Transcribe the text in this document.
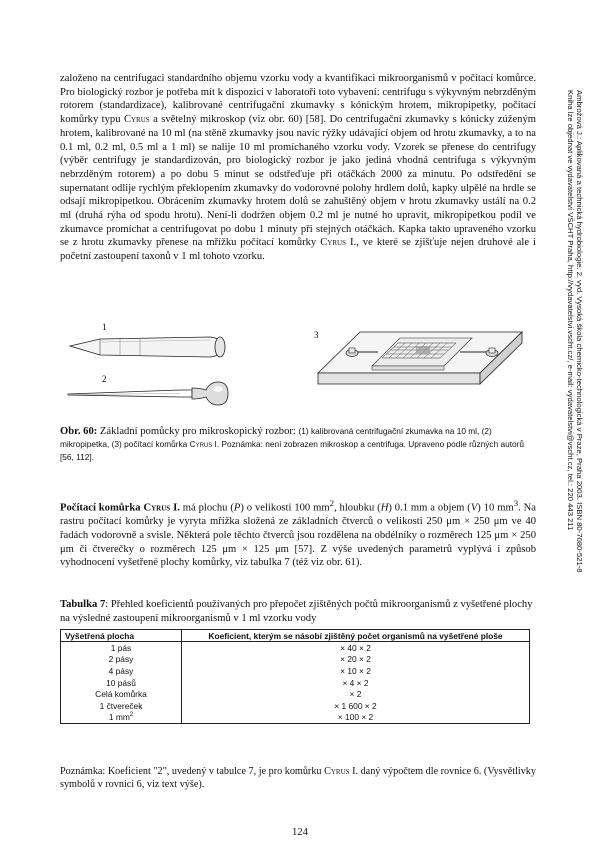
Ambrožová J.: Aplikovaná a technická hydrobiologie. 2. vyd. Vysoká škola chemicko-technologická v Praze, Praha 2003. ISBN 80-7080-521-8
Kniha lze objednat ve vydavatelství VŠCHT Praha, http://vydavatelstvi.vscht.cz/, e-mail: vydavatelstvi@vscht.cz, tel.: 220 443 211

založeno na centrifugaci standardního objemu vzorku vody a kvantifikaci mikroorganismů v počítací komůrce. Pro biologický rozbor je potřeba mít k dispozici v laboratoři toto vybavení: centrifugu s výkyvným nebrzděným rotorem (standardizace), kalibrované centrifugační zkumavky s kónickým hrotem, mikropipetky, počítací komůrky typu Cyrus a světelný mikroskop (viz obr. 60) [58]. Do centrifugační zkumavky s kónicky zúženým hrotem, kalibrované na 10 ml (na stěně zkumavky jsou navíc rýžky udávající objem od hrotu zkumavky, a to na 0.1 ml, 0.2 ml, 0.5 ml a 1 ml) se nalije 10 ml promíchaného vzorku vody. Vzorek se přenese do centrifugy (výběr centrifugy je standardizován, pro biologický rozbor je jako jediná vhodná centrifuga s výkyvným nebrzděným rotorem) a po dobu 5 minut se odstřeďuje při otáčkách 2000 za minutu. Po odstředění se supernatant odlije rychlým překlopením zkumavky do vodorovné polohy hrdlem dolů, kapky ulpělé na hrdle se odsají mikropipetkou. Obrácením zkumavky hrotem dolů se zahuštěný objem v hrotu zkumavky ustálí na 0.2 ml (druhá rýha od spodu hrotu). Není-li dodržen objem 0.2 ml je nutné ho upravit, mikropipetkou podíl ve zkumavce promíchat a centrifugovat po dobu 1 minuty při stejných otáčkách. Kapka takto upraveného vzorku se z hrotu zkumavky přenese na mřížku počítací komůrky Cyrus I., ve které se zjišťuje nejen druhové ale i početní zastoupení taxonů v 1 ml tohoto vzorku.

1
2
3

Obr. 60: Základní pomůcky pro mikroskopický rozbor: (1) kalibrovaná centrifugační zkumavka na 10 ml, (2) mikropipetka, (3) počítací komůrka Cyrus I. Poznámka: není zobrazen mikroskop a centrifuga. Upraveno podle různých autorů [56, 112].

Počítací komůrka Cyrus I. má plochu (P) o velikosti 100 $mm^2$, hloubku (H) 0.1 mm a objem (V) 10 $mm^3$. Na rastru počítací komůrky je vyryta mřížka složená ze základních čtverců o velikosti 250 μm × 250 μm ve 40 řadách vodorovně a svisle. Některá pole těchto čtverců jsou rozdělena na obdélníky o rozměrech 125 μm × 250 μm či čtverečky o rozměrech 125 μm × 125 μm [57]. Z výše uvedených parametrů vyplývá i způsob vyhodnocení vyšetřené plochy komůrky, viz tabulka 7 (též viz obr. 61).

Tabulka 7: Přehled koeficientů používaných pro přepočet zjištěných počtů mikroorganismů z vyšetřené plochy na výsledné zastoupení mikroorganismů v 1 ml vzorku vody

Vyšetřená plocha	Koeficient, kterým se násobí zjištěný počet organismů na vyšetřené ploše
1 pás	× 40 × 2
2 pásy	× 20 × 2
4 pásy	× 10 × 2
10 pásů	× 4 × 2
Celá komůrka	× 2
1 čtvereček	× 1 600 × 2
1 $mm^2$	× 100 × 2

Poznámka: Koeficient "2", uvedený v tabulce 7, je pro komůrku Cyrus I. daný výpočtem dle rovnice 6. (Vysvětlivky symbolů v rovnici 6, viz text výše).

124
